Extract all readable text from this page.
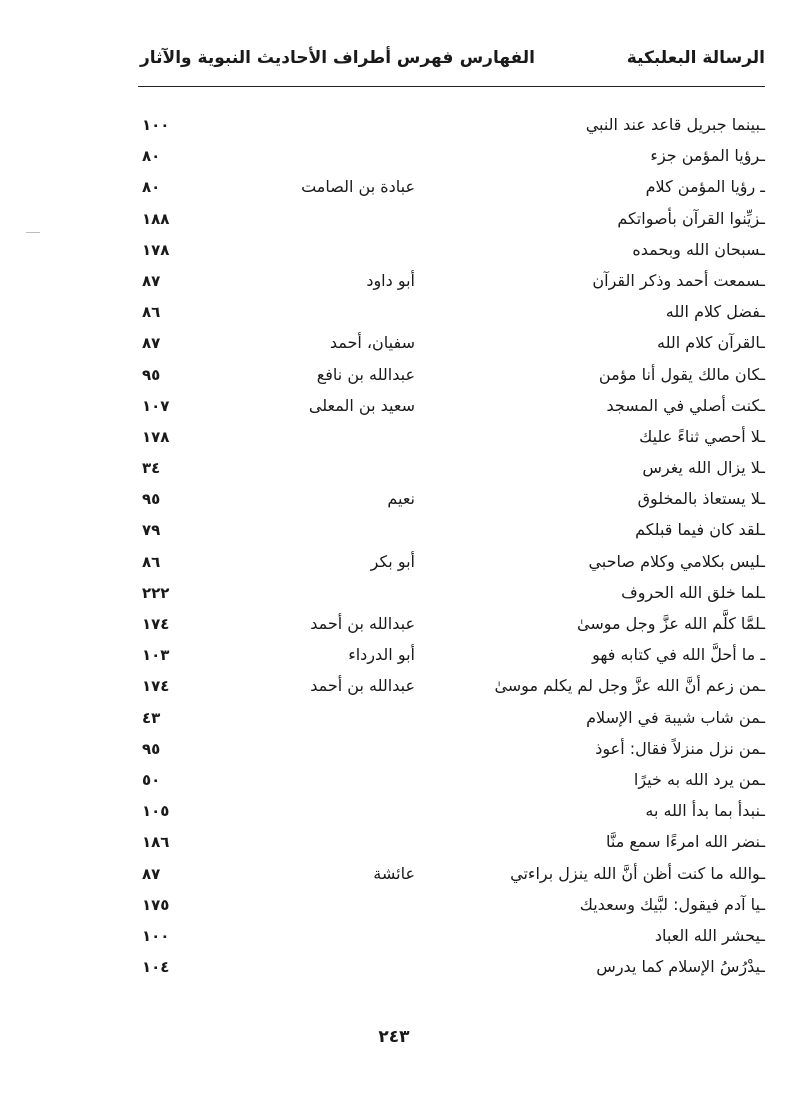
الرسالة البعلبكية
الفهارس
فهرس أطراف الأحاديث النبوية والآثار
ـبينما جبريل قاعد عند النبي
١٠٠
ـرؤيا المؤمن جزء
٨٠
ـ رؤيا المؤمن كلام
عبادة بن الصامت
٨٠
ـزيِّنوا القرآن بأصواتكم
١٨٨
ـسبحان الله وبحمده
١٧٨
ـسمعت أحمد وذكر القرآن
أبو داود
٨٧
ـفضل كلام الله
٨٦
ـالقرآن كلام الله
سفيان، أحمد
٨٧
ـكان مالك يقول أنا مؤمن
عبدالله بن نافع
٩٥
ـكنت أصلي في المسجد
سعيد بن المعلى
١٠٧
ـلا أحصي ثناءً عليك
١٧٨
ـلا يزال الله يغرس
٣٤
ـلا يستعاذ بالمخلوق
نعيم
٩٥
ـلقد كان فيما قبلكم
٧٩
ـليس بكلامي وكلام صاحبي
أبو بكر
٨٦
ـلما خلق الله الحروف
٢٢٢
ـلمَّا كلَّم الله عزَّ وجل موسىٰ
عبدالله بن أحمد
١٧٤
ـ ما أحلَّ الله في كتابه فهو
أبو الدرداء
١٠٣
ـمن زعم أنَّ الله عزَّ وجل لم يكلم موسىٰ
عبدالله بن أحمد
١٧٤
ـمن شاب شيبة في الإسلام
٤٣
ـمن نزل منزلاً فقال: أعوذ
٩٥
ـمن يرد الله به خيرًا
٥٠
ـنبدأ بما بدأ الله به
١٠٥
ـنضر الله امرءًا سمع منَّا
١٨٦
ـوالله ما كنت أظن أنَّ الله ينزل براءتي
عائشة
٨٧
ـيا آدم فيقول: لبَّيك وسعديك
١٧٥
ـيحشر الله العباد
١٠٠
ـيدْرُسُ الإسلام كما يدرس
١٠٤
٢٤٣
